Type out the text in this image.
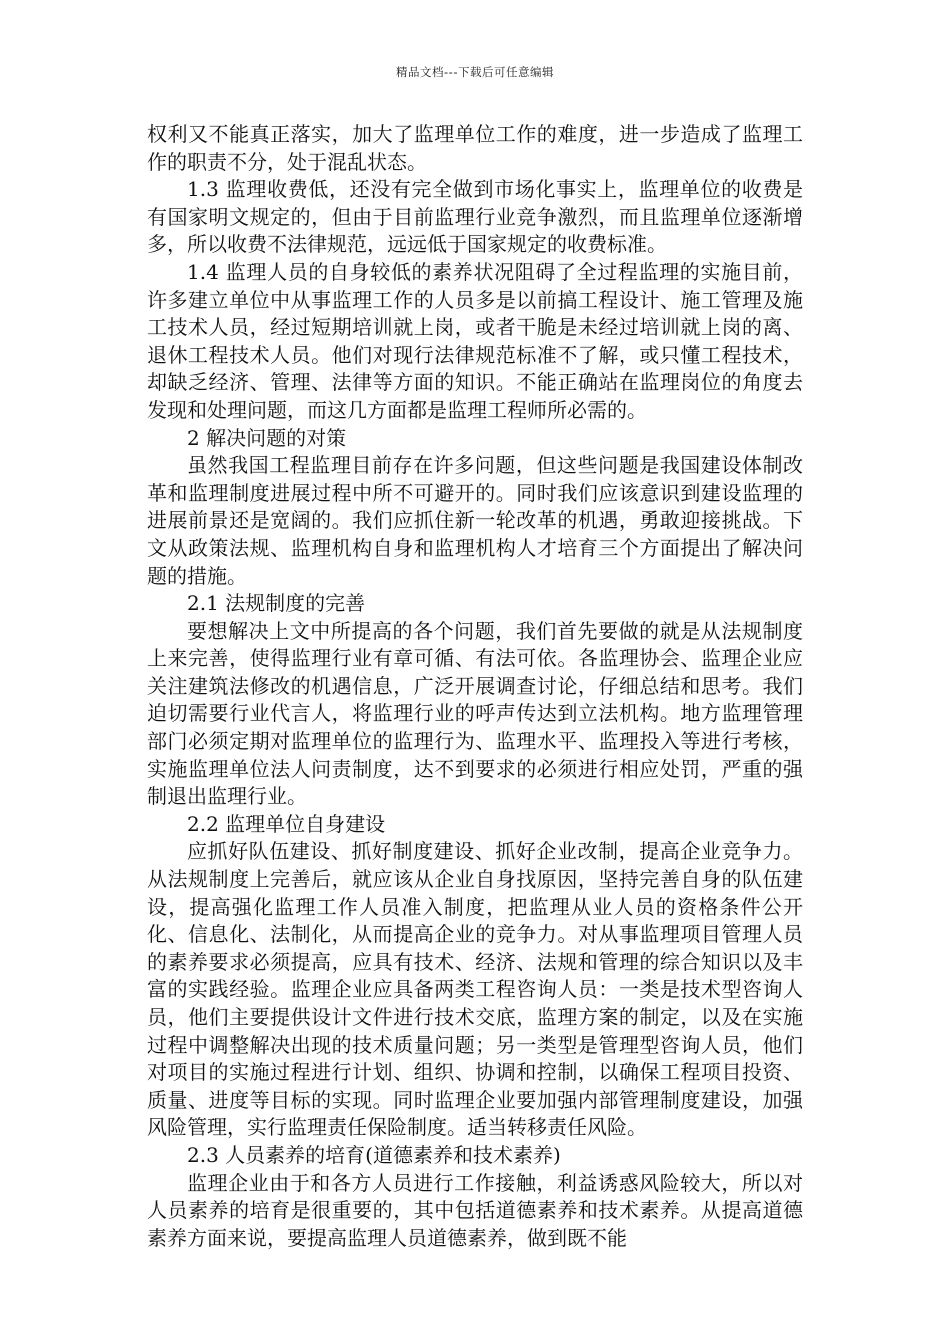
精品文档---下载后可任意编辑

权利又不能真正落实，加大了监理单位工作的难度，进一步造成了监理工作的职责不分，处于混乱状态。

1.3 监理收费低，还没有完全做到市场化事实上，监理单位的收费是有国家明文规定的，但由于目前监理行业竞争激烈，而且监理单位逐渐增多，所以收费不法律规范，远远低于国家规定的收费标准。

1.4 监理人员的自身较低的素养状况阻碍了全过程监理的实施目前，许多建立单位中从事监理工作的人员多是以前搞工程设计、施工管理及施工技术人员，经过短期培训就上岗，或者干脆是未经过培训就上岗的离、退休工程技术人员。他们对现行法律规范标准不了解，或只懂工程技术，却缺乏经济、管理、法律等方面的知识。不能正确站在监理岗位的角度去发现和处理问题，而这几方面都是监理工程师所必需的。

2 解决问题的对策

虽然我国工程监理目前存在许多问题，但这些问题是我国建设体制改革和监理制度进展过程中所不可避开的。同时我们应该意识到建设监理的进展前景还是宽阔的。我们应抓住新一轮改革的机遇，勇敢迎接挑战。下文从政策法规、监理机构自身和监理机构人才培育三个方面提出了解决问题的措施。

2.1 法规制度的完善

要想解决上文中所提高的各个问题，我们首先要做的就是从法规制度上来完善，使得监理行业有章可循、有法可依。各监理协会、监理企业应关注建筑法修改的机遇信息，广泛开展调查讨论，仔细总结和思考。我们迫切需要行业代言人，将监理行业的呼声传达到立法机构。地方监理管理部门必须定期对监理单位的监理行为、监理水平、监理投入等进行考核，实施监理单位法人问责制度，达不到要求的必须进行相应处罚，严重的强制退出监理行业。

2.2 监理单位自身建设

应抓好队伍建设、抓好制度建设、抓好企业改制，提高企业竞争力。从法规制度上完善后，就应该从企业自身找原因，坚持完善自身的队伍建设，提高强化监理工作人员准入制度，把监理从业人员的资格条件公开化、信息化、法制化，从而提高企业的竞争力。对从事监理项目管理人员的素养要求必须提高，应具有技术、经济、法规和管理的综合知识以及丰富的实践经验。监理企业应具备两类工程咨询人员：一类是技术型咨询人员，他们主要提供设计文件进行技术交底，监理方案的制定，以及在实施过程中调整解决出现的技术质量问题；另一类型是管理型咨询人员，他们对项目的实施过程进行计划、组织、协调和控制，以确保工程项目投资、质量、进度等目标的实现。同时监理企业要加强内部管理制度建设，加强风险管理，实行监理责任保险制度。适当转移责任风险。

2.3 人员素养的培育(道德素养和技术素养)

监理企业由于和各方人员进行工作接触，利益诱惑风险较大，所以对人员素养的培育是很重要的，其中包括道德素养和技术素养。从提高道德素养方面来说，要提高监理人员道德素养，做到既不能
